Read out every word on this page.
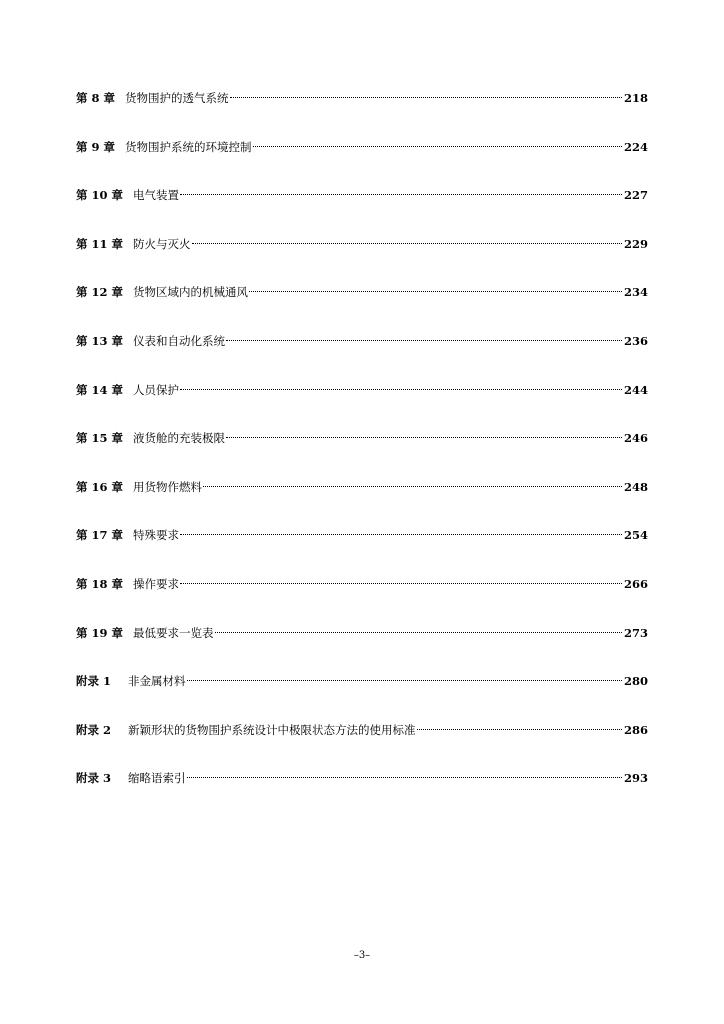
第 8 章 货物围护的透气系统	218
第 9 章 货物围护系统的环境控制	224
第 10 章 电气装置	227
第 11 章 防火与灭火	229
第 12 章 货物区域内的机械通风	234
第 13 章 仪表和自动化系统	236
第 14 章 人员保护	244
第 15 章 液货舱的充装极限	246
第 16 章 用货物作燃料	248
第 17 章 特殊要求	254
第 18 章 操作要求	266
第 19 章 最低要求一览表	273
附录 1	非金属材料	280
附录 2	新颖形状的货物围护系统设计中极限状态方法的使用标准	286
附录 3	缩略语索引	293
–3–
